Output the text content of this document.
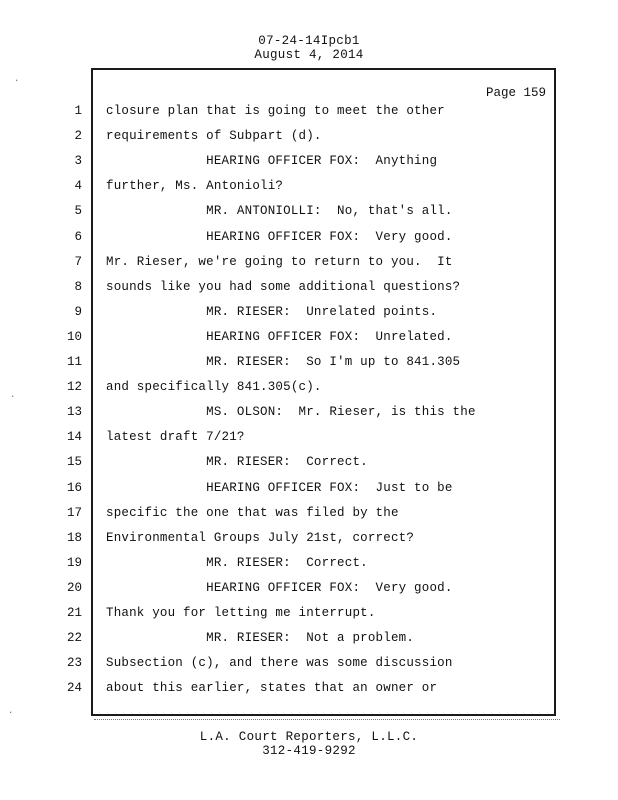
07-24-14Ipcb1
August 4, 2014
Page 159
1 closure plan that is going to meet the other
2 requirements of Subpart (d).
3 HEARING OFFICER FOX:  Anything
4 further, Ms. Antonioli?
5 MR. ANTONIOLLI:  No, that's all.
6 HEARING OFFICER FOX:  Very good.
7 Mr. Rieser, we're going to return to you.  It
8 sounds like you had some additional questions?
9 MR. RIESER:  Unrelated points.
10 HEARING OFFICER FOX:  Unrelated.
11 MR. RIESER:  So I'm up to 841.305
12 and specifically 841.305(c).
13 MS. OLSON:  Mr. Rieser, is this the
14 latest draft 7/21?
15 MR. RIESER:  Correct.
16 HEARING OFFICER FOX:  Just to be
17 specific the one that was filed by the
18 Environmental Groups July 21st, correct?
19 MR. RIESER:  Correct.
20 HEARING OFFICER FOX:  Very good.
21 Thank you for letting me interrupt.
22 MR. RIESER:  Not a problem.
23 Subsection (c), and there was some discussion
24 about this earlier, states that an owner or
L.A. Court Reporters, L.L.C.
312-419-9292
·
·
·
